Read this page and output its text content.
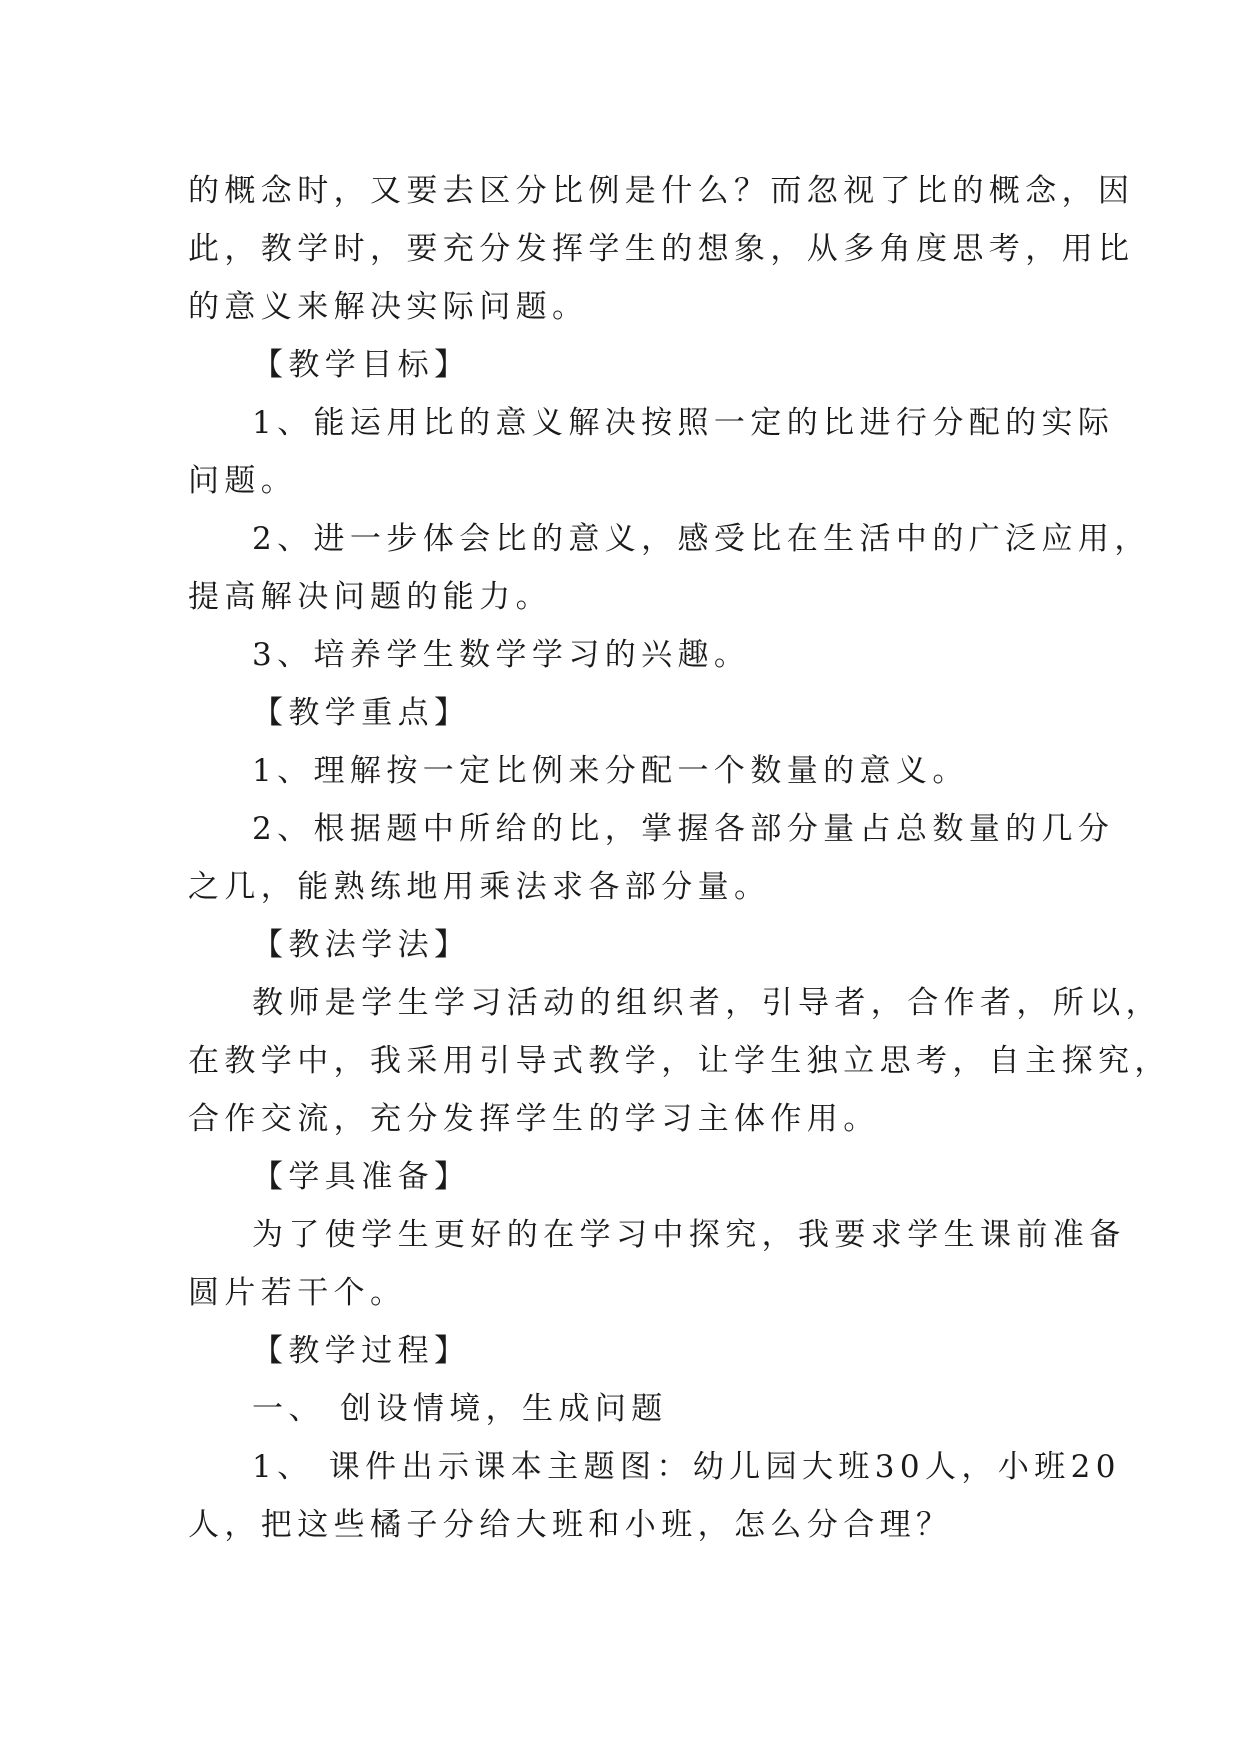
的概念时，又要去区分比例是什么？而忽视了比的概念，因
此，教学时，要充分发挥学生的想象，从多角度思考，用比
的意义来解决实际问题。
【教学目标】
1、能运用比的意义解决按照一定的比进行分配的实际
问题。
2、进一步体会比的意义，感受比在生活中的广泛应用，
提高解决问题的能力。
3、培养学生数学学习的兴趣。
【教学重点】
1、理解按一定比例来分配一个数量的意义。
2、根据题中所给的比，掌握各部分量占总数量的几分
之几，能熟练地用乘法求各部分量。
【教法学法】
教师是学生学习活动的组织者，引导者，合作者，所以，
在教学中，我采用引导式教学，让学生独立思考，自主探究，
合作交流，充分发挥学生的学习主体作用。
【学具准备】
为了使学生更好的在学习中探究，我要求学生课前准备
圆片若干个。
【教学过程】
一、 创设情境，生成问题
1、 课件出示课本主题图：幼儿园大班30人，小班20
人，把这些橘子分给大班和小班，怎么分合理？
